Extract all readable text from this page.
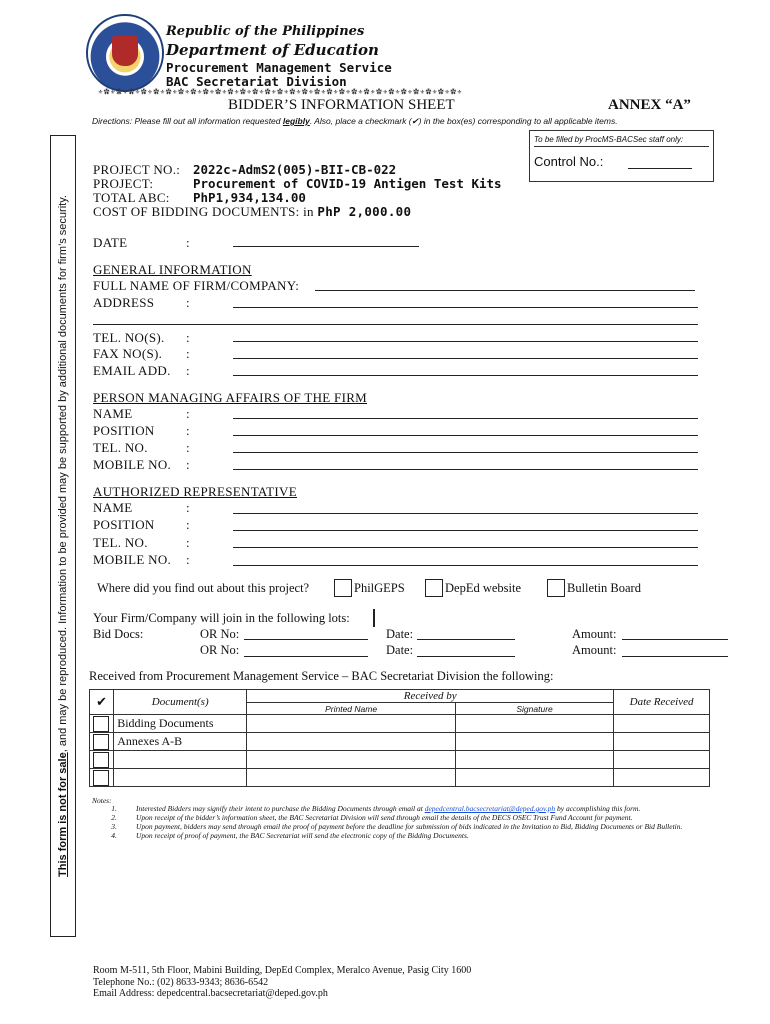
Republic of the Philippines
Department of Education
Procurement Management Service
BAC Secretariat Division
ﾠ⚜ ✿ ⚜ ✿ ⚜ ✿ ⚜ ✿ ⚜ ✿ ⚜ ✿ ⚜ ✿ ⚜ ✿ ⚜ ✿ ⚜ ✿ ⚜ ✿ ⚜ ✿ ⚜ ✿ ⚜ ✿ ⚜ ✿ ⚜ ✿ ⚜ ✿ ⚜ ✿ ⚜ ✿ ⚜ ✿ ⚜ ✿ ⚜ ✿ ⚜ ✿ ⚜ ✿ ⚜ ✿ ⚜ ✿ ⚜ ✿ ⚜ ✿ ⚜ ✿ ⚜
This form is not for sale, and may be reproduced. Information to be provided may be supported by additional documents for firm’s security.
BIDDER’S INFORMATION SHEET	ANNEX “A”
Directions: Please fill out all information requested legibly. Also, place a checkmark (✔) in the box(es) corresponding to all applicable items.
To be filled by ProcMS-BACSec staff only:
Control No.:
PROJECT NO.: 2022c-AdmS2(005)-BII-CB-022
PROJECT:	Procurement of COVID-19 Antigen Test Kits
TOTAL ABC: PhP1,934,134.00
COST OF BIDDING DOCUMENTS: in PhP 2,000.00
DATE	:
GENERAL INFORMATION
FULL NAME OF FIRM/COMPANY:
ADDRESS :
TEL. NO(S). :
FAX NO(S). :
EMAIL ADD. :
PERSON MANAGING AFFAIRS OF THE FIRM
NAME	:
POSITION :
TEL. NO.	:
MOBILE NO. :
AUTHORIZED REPRESENTATIVE
NAME	:
POSITION :
TEL. NO.	:
MOBILE NO. :
Where did you find out about this project?	PhilGEPS	DepEd website	Bulletin Board
Your Firm/Company will join in the following lots:
Bid Docs:	OR No:	Date:	Amount:
OR No:	Date:	Amount:
Received from Procurement Management Service – BAC Secretariat Division the following:
✔	Document(s)	Received by		Date Received
		Printed Name	Signature	

	Bidding Documents			

	Annexes A-B			

Notes:
1.	Interested Bidders may signify their intent to purchase the Bidding Documents through email at depedcentral.bacsecretariat@deped.gov.ph by accomplishing this form.
2.	Upon receipt of the bidder’s information sheet, the BAC Secretariat Division will send through email the details of the DECS OSEC Trust Fund Account for payment.
3.	Upon payment, bidders may send through email the proof of payment before the deadline for submission of bids indicated in the Invitation to Bid, Bidding Documents or Bid Bulletin.
4.	Upon receipt of proof of payment, the BAC Secretariat will send the electronic copy of the Bidding Documents.
Room M-511, 5th Floor, Mabini Building, DepEd Complex, Meralco Avenue, Pasig City 1600
Telephone No.: (02) 8633-9343; 8636-6542
Email Address: depedcentral.bacsecretariat@deped.gov.ph
